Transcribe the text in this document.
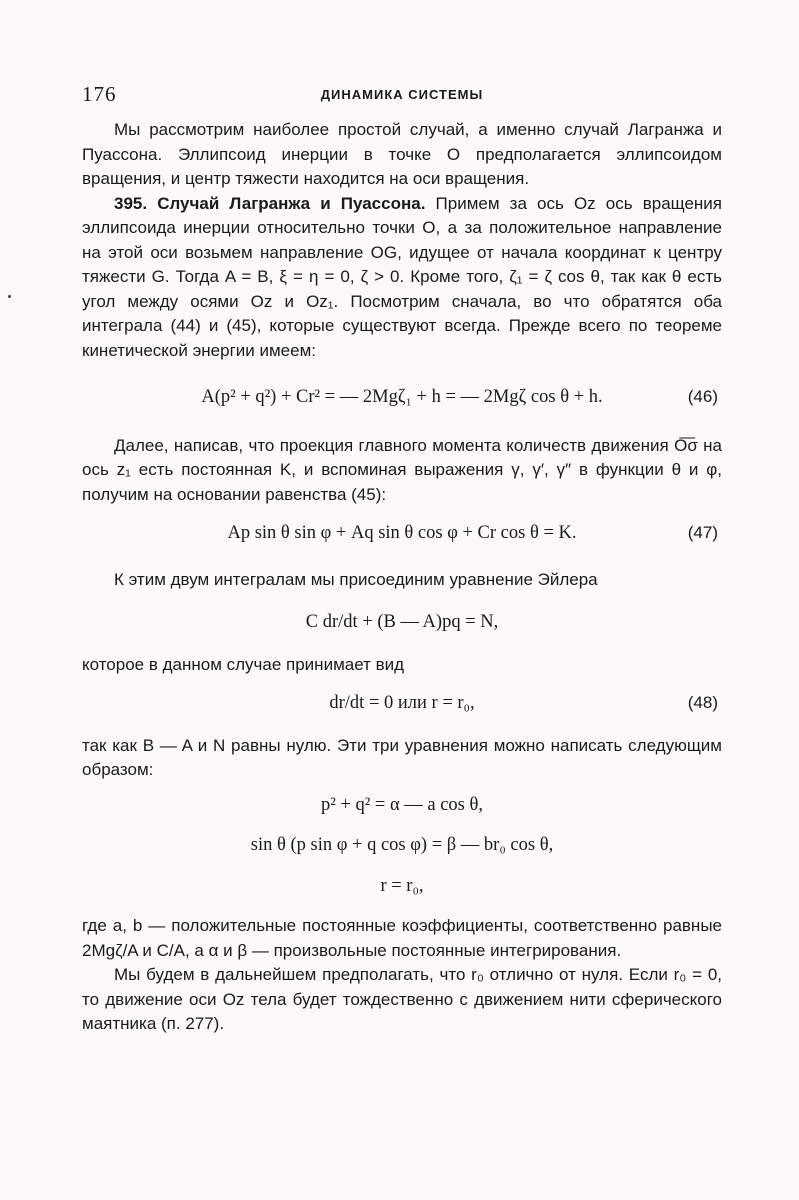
176	ДИНАМИКА СИСТЕМЫ

Мы рассмотрим наиболее простой случай, а именно случай Лагранжа и Пуассона. Эллипсоид инерции в точке O предполагается эллипсоидом вращения, и центр тяжести находится на оси вращения.

395. Случай Лагранжа и Пуассона. Примем за ось Oz ось вращения эллипсоида инерции относительно точки O, а за положительное направление на этой оси возьмем направление OG, идущее от начала координат к центру тяжести G. Тогда A = B, ξ = η = 0, ζ > 0. Кроме того, ζ₁ = ζ cos θ, так как θ есть угол между осями Oz и Oz₁. Посмотрим сначала, во что обратятся оба интеграла (44) и (45), которые существуют всегда. Прежде всего по теореме кинетической энергии имеем:

A(p² + q²) + Cr² = — 2Mgζ₁ + h = — 2Mgζ cos θ + h.	(46)

Далее, написав, что проекция главного момента количеств движения O͞σ на ось z₁ есть постоянная K, и вспоминая выражения γ, γ′, γ″ в функции θ и φ, получим на основании равенства (45):

Ap sin θ sin φ + Aq sin θ cos φ + Cr cos θ = K.	(47)

К этим двум интегралам мы присоединим уравнение Эйлера

C dr/dt + (B — A)pq = N,

которое в данном случае принимает вид

dr/dt = 0 или r = r₀,	(48)

так как B — A и N равны нулю. Эти три уравнения можно написать следующим образом:

p² + q² = α — a cos θ,
sin θ (p sin φ + q cos φ) = β — br₀ cos θ,
r = r₀,

где a, b — положительные постоянные коэффициенты, соответственно равные 2Mgζ/A и C/A, а α и β — произвольные постоянные интегрирования.

Мы будем в дальнейшем предполагать, что r₀ отлично от нуля. Если r₀ = 0, то движение оси Oz тела будет тождественно с движением нити сферического маятника (п. 277).
